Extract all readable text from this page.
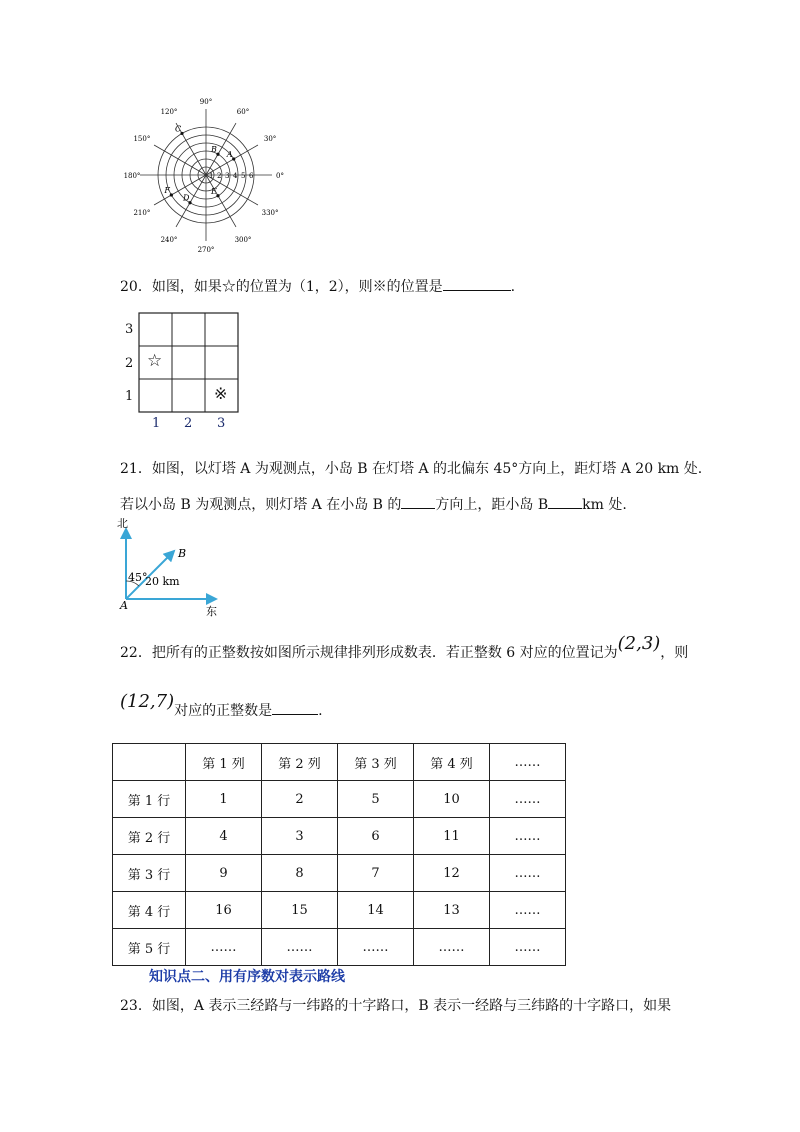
90°
60°
30°
0°
330°
300°
270°
240°
210°
180°
150°
120°
1 2 3 4 5 6
A
B
C
D
E
F
20．如图，如果☆的位置为（1，2），则※的位置是	.
3
2
1
1 2 3
☆
※
21．如图，以灯塔 A 为观测点，小岛 B 在灯塔 A 的北偏东 45°方向上，距灯塔 A 20 km 处.
若以小岛 B 为观测点，则灯塔 A 在小岛 B 的 方向上，距小岛 B km 处.
北
东
45°
20 km
A
B
22．把所有的正整数按如图所示规律排列形成数表．若正整数 6 对应的位置记为(2,3)，则
(12,7)对应的正整数是	.
	第 1 列	第 2 列	第 3 列	第 4 列	……
第 1 行	1	2	5	10	……
第 2 行	4	3	6	11	……
第 3 行	9	8	7	12	……
第 4 行	16	15	14	13	……
第 5 行	……	……	……	……	……
知识点二、用有序数对表示路线
23．如图，A 表示三经路与一纬路的十字路口，B 表示一经路与三纬路的十字路口，如果
